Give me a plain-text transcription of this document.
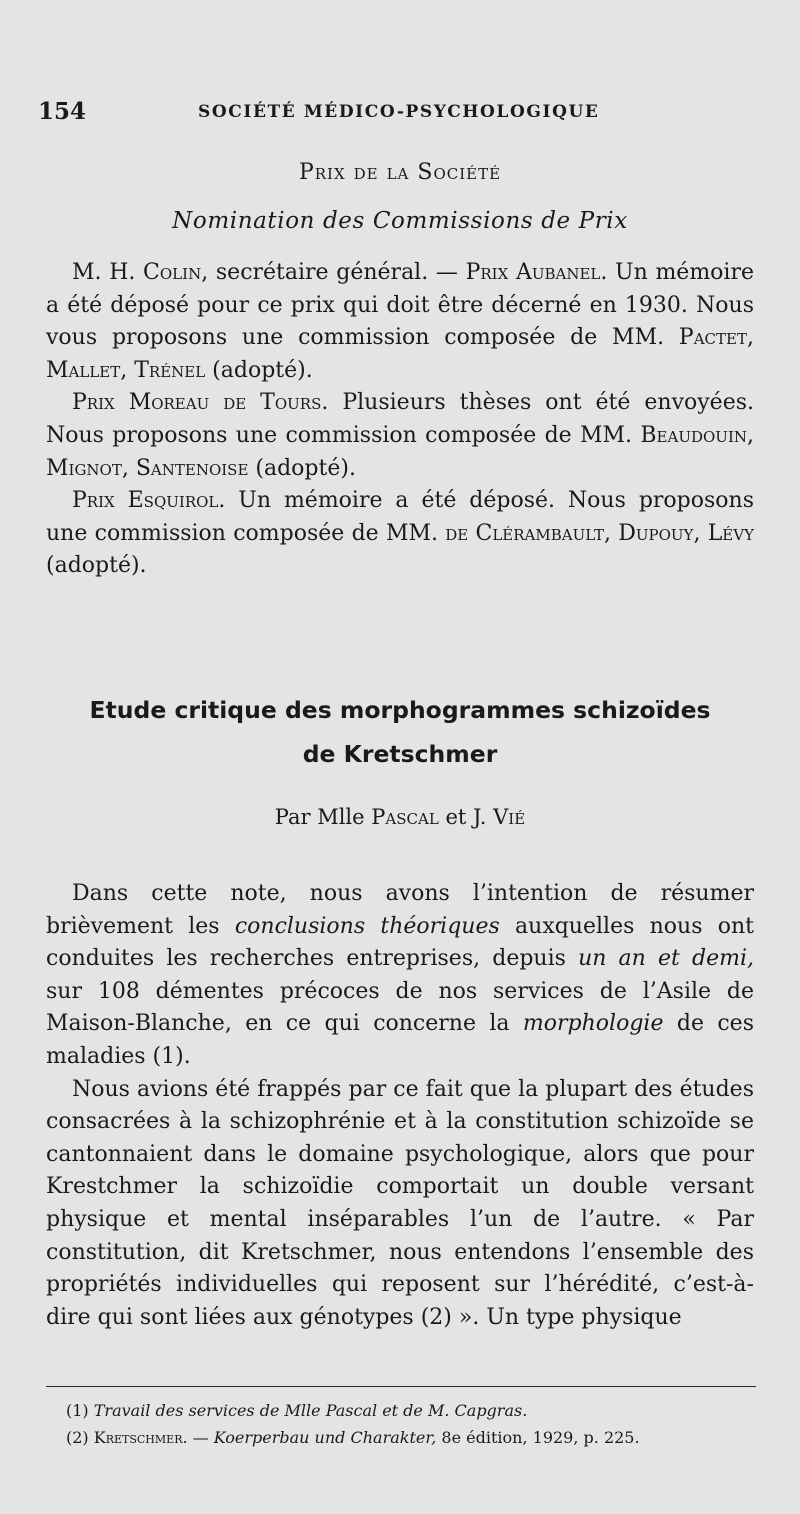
154	SOCIÉTÉ MÉDICO-PSYCHOLOGIQUE
Prix de la Société
Nomination des Commissions de Prix

M. H. Colin, secrétaire général. — Prix Aubanel. Un mémoire a été déposé pour ce prix qui doit être décerné en 1930. Nous vous proposons une commission composée de MM. Pactet, Mallet, Trénel (adopté).

Prix Moreau de Tours. Plusieurs thèses ont été envoyées. Nous proposons une commission composée de MM. Beaudouin, Mignot, Santenoise (adopté).

Prix Esquirol. Un mémoire a été déposé. Nous proposons une commission composée de MM. de Clérambault, Dupouy, Lévy (adopté).

Etude critique des morphogrammes schizoïdes
de Kretschmer
Par Mlle Pascal et J. Vié

Dans cette note, nous avons l’intention de résumer brièvement les conclusions théoriques auxquelles nous ont conduites les recherches entreprises, depuis un an et demi, sur 108 démentes précoces de nos services de l’Asile de Maison-Blanche, en ce qui concerne la morphologie de ces maladies (1).

Nous avions été frappés par ce fait que la plupart des études consacrées à la schizophrénie et à la constitution schizoïde se cantonnaient dans le domaine psychologique, alors que pour Krestchmer la schizoïdie comportait un double versant physique et mental inséparables l’un de l’autre. « Par constitution, dit Kretschmer, nous entendons l’ensemble des propriétés individuelles qui reposent sur l’hérédité, c’est-à-dire qui sont liées aux génotypes (2) ». Un type physique

(1) Travail des services de Mlle Pascal et de M. Capgras.

(2) Kretschmer. — Koerperbau und Charakter, 8e édition, 1929, p. 225.
